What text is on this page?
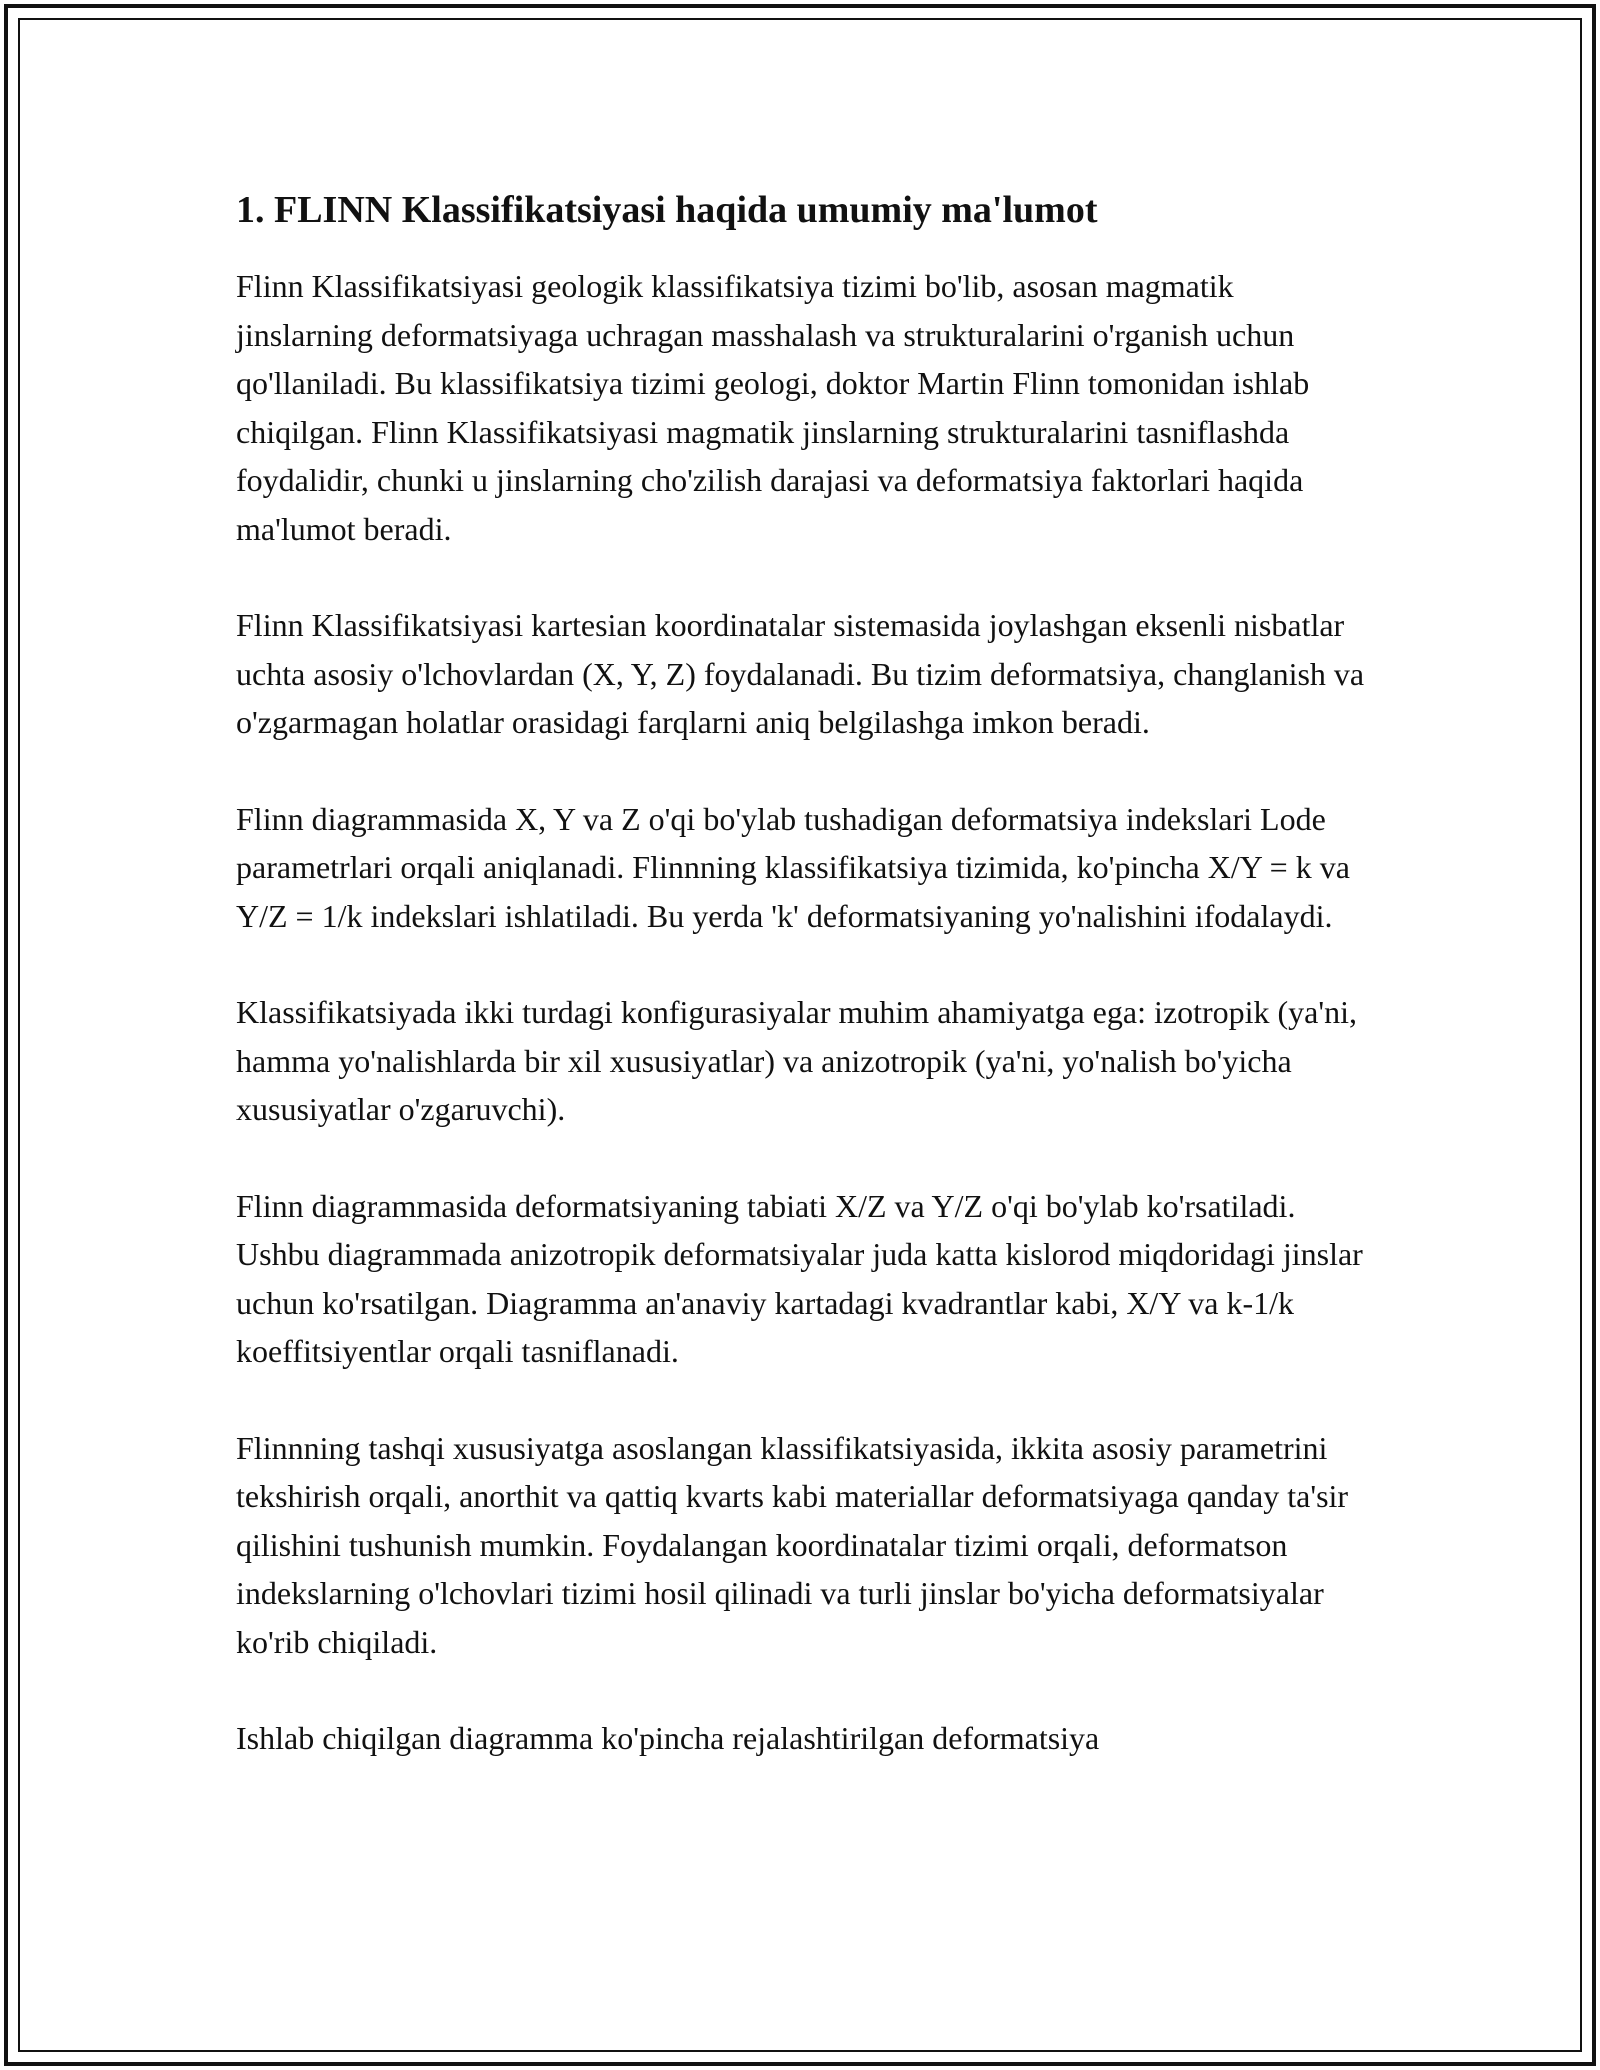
1. FLINN Klassifikatsiyasi haqida umumiy ma'lumot

Flinn Klassifikatsiyasi geologik klassifikatsiya tizimi bo'lib, asosan magmatik jinslarning deformatsiyaga uchragan masshalash va strukturalarini o'rganish uchun qo'llaniladi. Bu klassifikatsiya tizimi geologi, doktor Martin Flinn tomonidan ishlab chiqilgan. Flinn Klassifikatsiyasi magmatik jinslarning strukturalarini tasniflashda foydalidir, chunki u jinslarning cho'zilish darajasi va deformatsiya faktorlari haqida ma'lumot beradi.

Flinn Klassifikatsiyasi kartesian koordinatalar sistemasida joylashgan eksenli nisbatlar uchta asosiy o'lchovlardan (X, Y, Z) foydalanadi. Bu tizim deformatsiya, changlanish va o'zgarmagan holatlar orasidagi farqlarni aniq belgilashga imkon beradi.

Flinn diagrammasida X, Y va Z o'qi bo'ylab tushadigan deformatsiya indekslari Lode parametrlari orqali aniqlanadi. Flinnning klassifikatsiya tizimida, ko'pincha X/Y = k va Y/Z = 1/k indekslari ishlatiladi. Bu yerda 'k' deformatsiyaning yo'nalishini ifodalaydi.

Klassifikatsiyada ikki turdagi konfigurasiyalar muhim ahamiyatga ega: izotropik (ya'ni, hamma yo'nalishlarda bir xil xususiyatlar) va anizotropik (ya'ni, yo'nalish bo'yicha xususiyatlar o'zgaruvchi).

Flinn diagrammasida deformatsiyaning tabiati X/Z va Y/Z o'qi bo'ylab ko'rsatiladi. Ushbu diagrammada anizotropik deformatsiyalar juda katta kislorod miqdoridagi jinslar uchun ko'rsatilgan. Diagramma an'anaviy kartadagi kvadrantlar kabi, X/Y va k-1/k koeffitsiyentlar orqali tasniflanadi.

Flinnning tashqi xususiyatga asoslangan klassifikatsiyasida, ikkita asosiy parametrini tekshirish orqali, anorthit va qattiq kvarts kabi materiallar deformatsiyaga qanday ta'sir qilishini tushunish mumkin. Foydalangan koordinatalar tizimi orqali, deformatson indekslarning o'lchovlari tizimi hosil qilinadi va turli jinslar bo'yicha deformatsiyalar ko'rib chiqiladi.

Ishlab chiqilgan diagramma ko'pincha rejalashtirilgan deformatsiya
